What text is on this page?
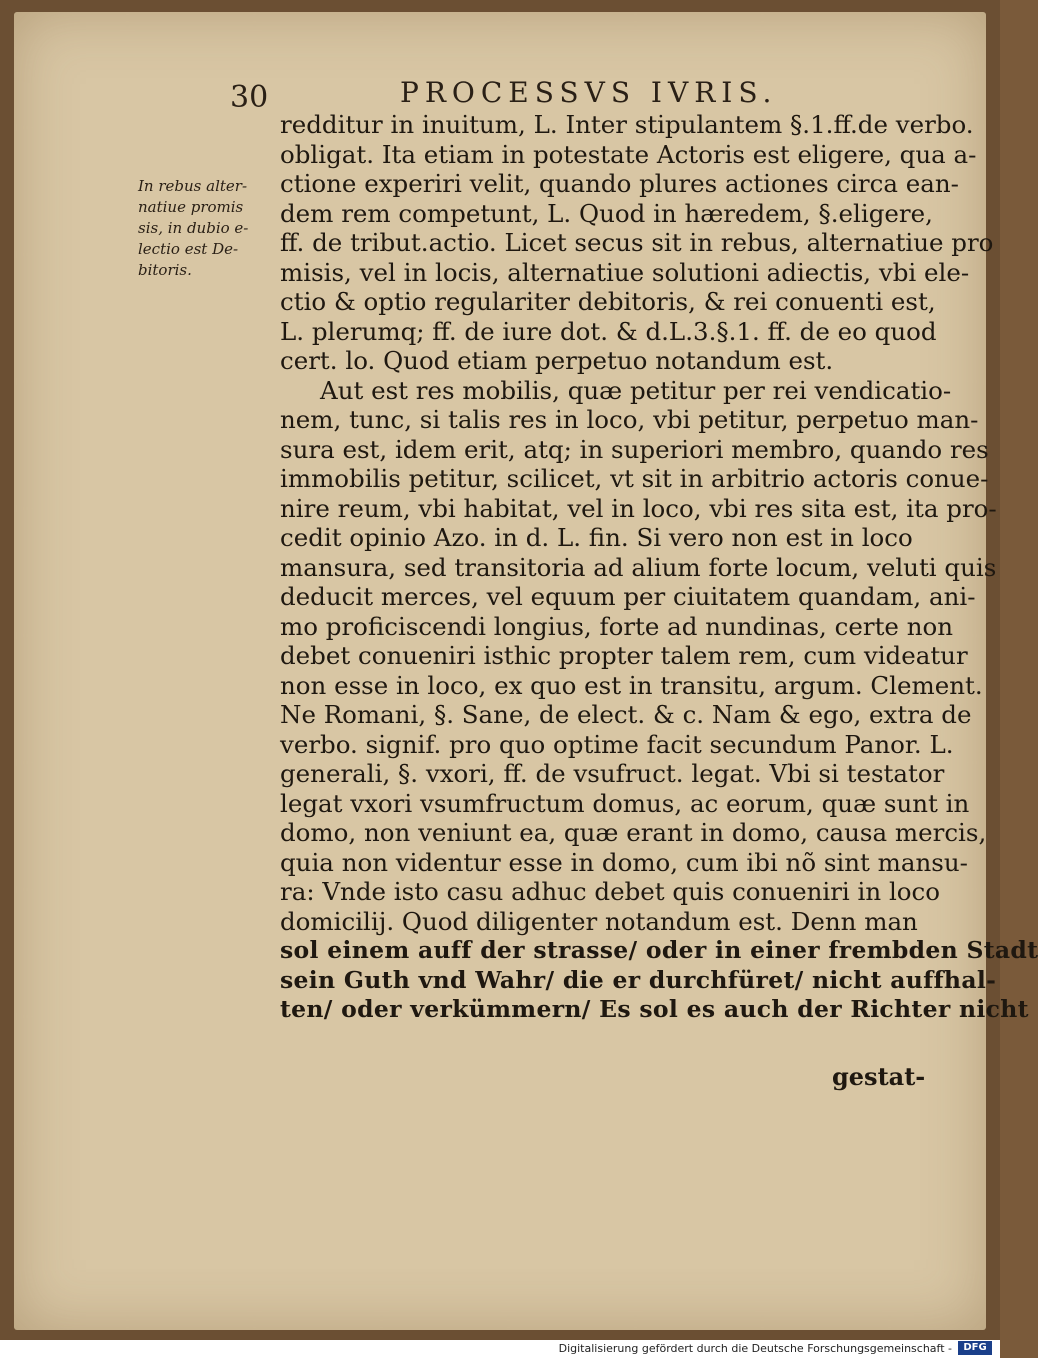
30	PROCESSVS IVRIS.
In rebus alter-
natiue promis
sis, in dubio e-
lectio est De-
bitoris.
redditur in inuitum, L. Inter stipulantem §.1.ff.de verbo.
obligat. Ita etiam in potestate Actoris est eligere, qua a-
ctione experiri velit, quando plures actiones circa ean-
dem rem competunt, L. Quod in hæredem, §.eligere,
ff. de tribut.actio. Licet secus sit in rebus, alternatiue pro
misis, vel in locis, alternatiue solutioni adiectis, vbi ele-
ctio & optio regulariter debitoris, & rei conuenti est,
L. plerumq; ff. de iure dot. & d.L.3.§.1. ff. de eo quod
cert. lo. Quod etiam perpetuo notandum est.
Aut est res mobilis, quæ petitur per rei vendicatio-
nem, tunc, si talis res in loco, vbi petitur, perpetuo man-
sura est, idem erit, atq; in superiori membro, quando res
immobilis petitur, scilicet, vt sit in arbitrio actoris conue-
nire reum, vbi habitat, vel in loco, vbi res sita est, ita pro-
cedit opinio Azo. in d. L. fin. Si vero non est in loco
mansura, sed transitoria ad alium forte locum, veluti quis
deducit merces, vel equum per ciuitatem quandam, ani-
mo proficiscendi longius, forte ad nundinas, certe non
debet conueniri isthic propter talem rem, cum videatur
non esse in loco, ex quo est in transitu, argum. Clement.
Ne Romani, §. Sane, de elect. & c. Nam & ego, extra de
verbo. signif. pro quo optime facit secundum Panor. L.
generali, §. vxori, ff. de vsufruct. legat. Vbi si testator
legat vxori vsumfructum domus, ac eorum, quæ sunt in
domo, non veniunt ea, quæ erant in domo, causa mercis,
quia non videntur esse in domo, cum ibi nõ sint mansu-
ra: Vnde isto casu adhuc debet quis conueniri in loco
domicilij. Quod diligenter notandum est. Denn man
sol einem auff der strasse/ oder in einer frembden Stadt
sein Guth vnd Wahr/ die er durchfüret/ nicht auffhal-
ten/ oder verkümmern/ Es sol es auch der Richter nicht
gestat-
Digitalisierung gefördert durch die Deutsche Forschungsgemeinschaft -	DFG
